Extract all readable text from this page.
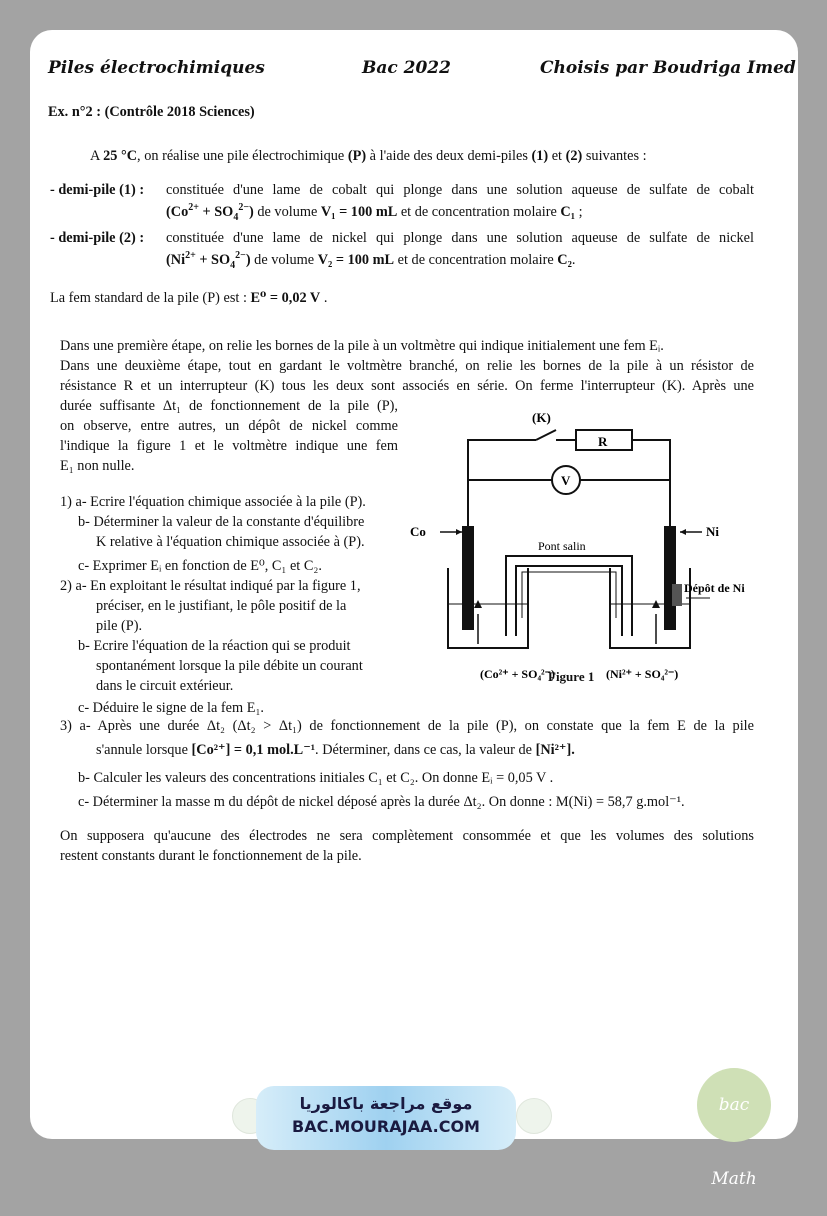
Piles électrochimiques	Bac 2022	Choisis par Boudriga Imed
Ex. n°2 : (Contrôle 2018 Sciences)
A 25 °C, on réalise une pile électrochimique (P) à l'aide des deux demi-piles (1) et (2) suivantes :
- demi-pile (1) : constituée d'une lame de cobalt qui plonge dans une solution aqueuse de sulfate de cobalt
$(Co^{2+} + SO_4^{2-})$ de volume V₁ = 100 mL et de concentration molaire C₁ ;
- demi-pile (2) : constituée d'une lame de nickel qui plonge dans une solution aqueuse de sulfate de nickel
$(Ni^{2+} + SO_4^{2-})$ de volume V₂ = 100 mL et de concentration molaire C₂.
La fem standard de la pile (P) est : E⁰ = 0,02 V .
Dans une première étape, on relie les bornes de la pile à un voltmètre qui indique initialement une fem Eᵢ.
Dans une deuxième étape, tout en gardant le voltmètre branché, on relie les bornes de la pile à un résistor de
résistance R et un interrupteur (K) tous les deux sont associés en série. On ferme l'interrupteur (K). Après une
durée suffisante Δt₁ de fonctionnement de la pile (P),
on observe, entre autres, un dépôt de nickel comme
l'indique la figure 1 et le voltmètre indique une fem
E₁ non nulle.
1) a- Ecrire l'équation chimique associée à la pile (P).
b- Déterminer la valeur de la constante d'équilibre
K relative à l'équation chimique associée à (P).
c- Exprimer Eᵢ en fonction de E⁰, C₁ et C₂.
2) a- En exploitant le résultat indiqué par la figure 1,
préciser, en le justifiant, le pôle positif de la
pile (P).
b- Ecrire l'équation de la réaction qui se produit
spontanément lorsque la pile débite un courant
dans le circuit extérieur.
c- Déduire le signe de la fem E₁.
(K)
R
V
Co	Ni
Pont salin
Dépôt de Ni
(Co²⁺ + SO₄²⁻)	(Ni²⁺ + SO₄²⁻)
Figure 1
3) a- Après une durée Δt₂ (Δt₂ > Δt₁) de fonctionnement de la pile (P), on constate que la fem E de la pile
s'annule lorsque [Co²⁺] = 0,1 mol.L⁻¹. Déterminer, dans ce cas, la valeur de [Ni²⁺].
b- Calculer les valeurs des concentrations initiales C₁ et C₂. On donne Eᵢ = 0,05 V .
c- Déterminer la masse m du dépôt de nickel déposé après la durée Δt₂. On donne : M(Ni) = 58,7 g.mol⁻¹.
On supposera qu'aucune des électrodes ne sera complètement consommée et que les volumes des solutions
restent constants durant le fonctionnement de la pile.
موقع مراجعة باكالوريا
BAC.MOURAJAA.COM
bac Math
